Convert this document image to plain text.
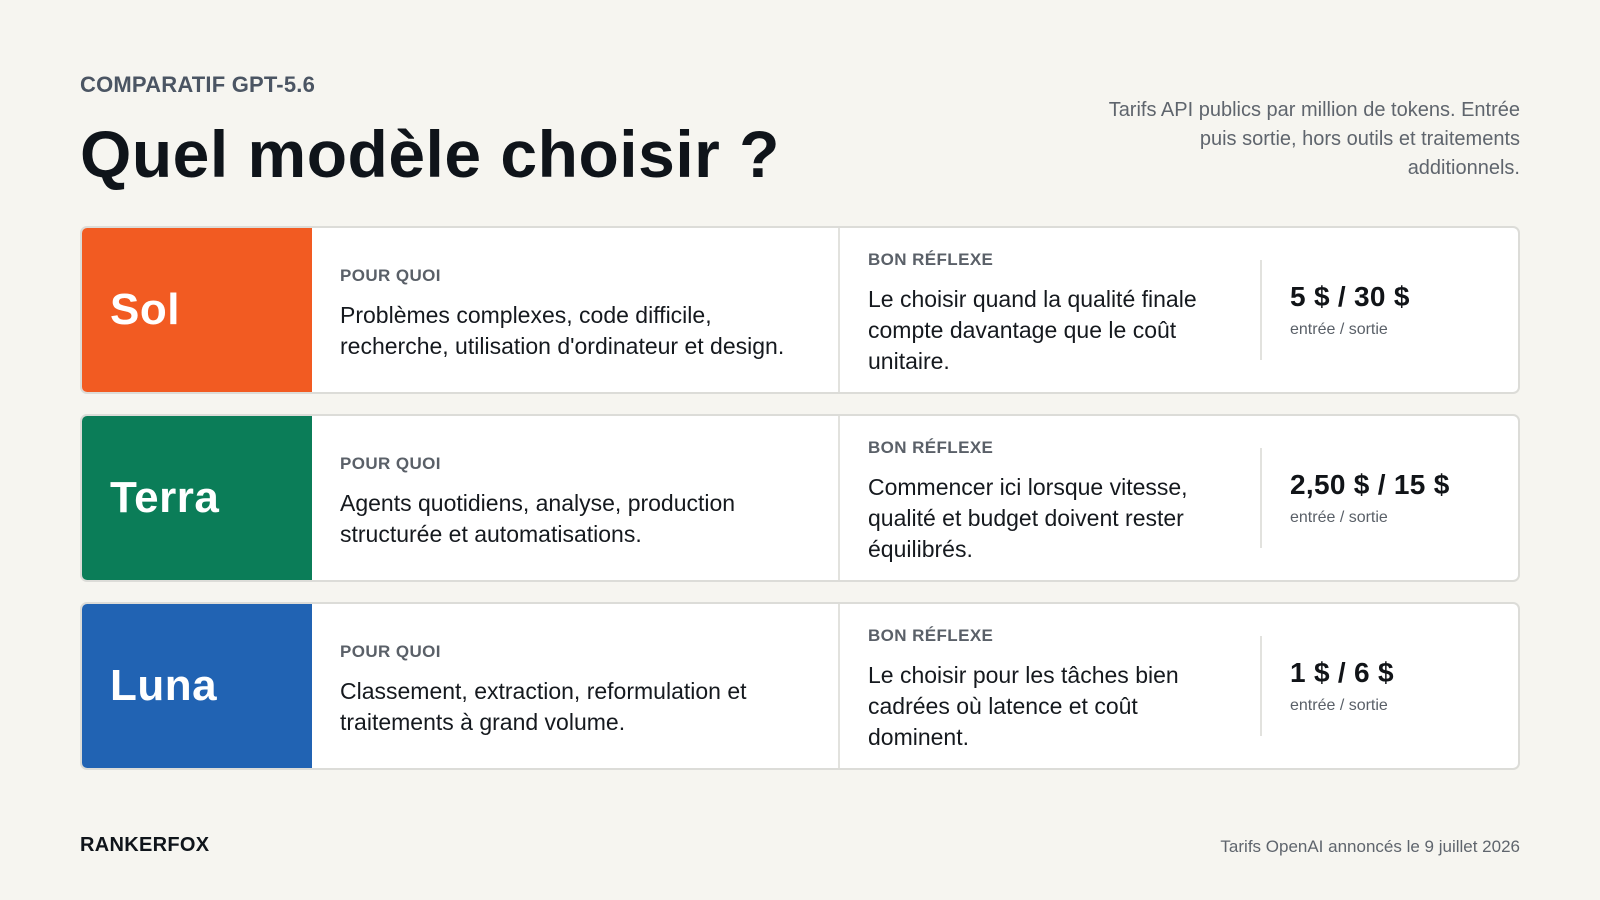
COMPARATIF GPT-5.6
Quel modèle choisir ?
Tarifs API publics par million de tokens. Entrée puis sortie, hors outils et traitements additionnels.
Sol
POUR QUOI
Problèmes complexes, code difficile, recherche, utilisation d'ordinateur et design.
BON RÉFLEXE
Le choisir quand la qualité finale compte davantage que le coût unitaire.
5 $ / 30 $
entrée / sortie
Terra
POUR QUOI
Agents quotidiens, analyse, production structurée et automatisations.
BON RÉFLEXE
Commencer ici lorsque vitesse, qualité et budget doivent rester équilibrés.
2,50 $ / 15 $
entrée / sortie
Luna
POUR QUOI
Classement, extraction, reformulation et traitements à grand volume.
BON RÉFLEXE
Le choisir pour les tâches bien cadrées où latence et coût dominent.
1 $ / 6 $
entrée / sortie
RANKERFOX	Tarifs OpenAI annoncés le 9 juillet 2026
